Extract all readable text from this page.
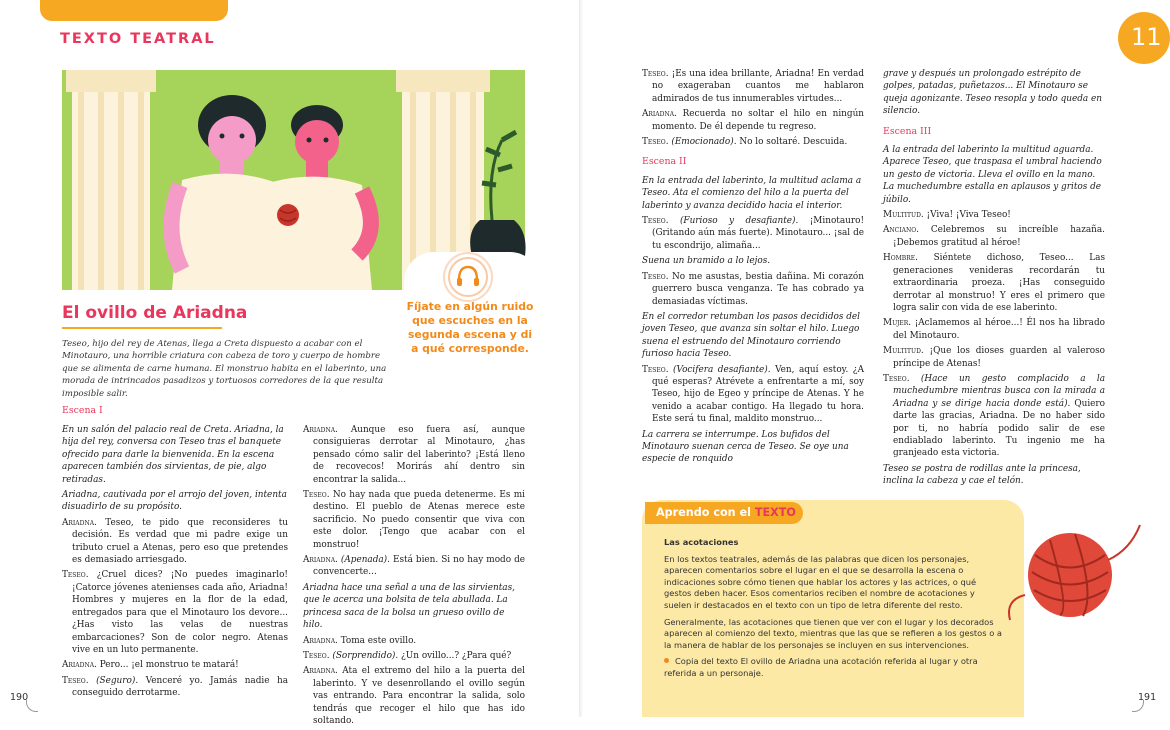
TEXTO TEATRAL
Fíjate en algún ruido que escuches en la segunda escena y di a qué corresponde.
El ovillo de Ariadna
Teseo, hijo del rey de Atenas, llega a Creta dispuesto a acabar con el Minotauro, una horrible criatura con cabeza de toro y cuerpo de hombre que se alimenta de carne humana. El monstruo habita en el laberinto, una morada de intrincados pasadizos y tortuosos corredores de la que resulta imposible salir.
Escena I

En un salón del palacio real de Creta. Ariadna, la hija del rey, conversa con Teseo tras el banquete ofrecido para darle la bienvenida. En la escena aparecen también dos sirvientas, de pie, algo retiradas.

Ariadna, cautivada por el arrojo del joven, intenta disuadirlo de su propósito.

Ariadna. Teseo, te pido que reconsideres tu decisión. Es verdad que mi padre exige un tributo cruel a Atenas, pero eso que pretendes es demasiado arriesgado.

Teseo. ¿Cruel dices? ¡No puedes imaginarlo! ¡Catorce jóvenes atenienses cada año, Ariadna! Hombres y mujeres en la flor de la edad, entregados para que el Minotauro los devore... ¿Has visto las velas de nuestras embarcaciones? Son de color negro. Atenas vive en un luto permanente.

Ariadna. Pero... ¡el monstruo te matará!

Teseo. (Seguro). Venceré yo. Jamás nadie ha conseguido derrotarme.

Ariadna. Aunque eso fuera así, aunque consiguieras derrotar al Minotauro, ¿has pensado cómo salir del laberinto? ¡Está lleno de recovecos! Morirás ahí dentro sin encontrar la salida...

Teseo. No hay nada que pueda detenerme. Es mi destino. El pueblo de Atenas merece este sacrificio. No puedo consentir que viva con este dolor. ¡Tengo que acabar con el monstruo!

Ariadna. (Apenada). Está bien. Si no hay modo de convencerte...

Ariadna hace una señal a una de las sirvientas, que le acerca una bolsita de tela abullada. La princesa saca de la bolsa un grueso ovillo de hilo.

Ariadna. Toma este ovillo.

Teseo. (Sorprendido). ¿Un ovillo...? ¿Para qué?

Ariadna. Ata el extremo del hilo a la puerta del laberinto. Y ve desenrollando el ovillo según vas entrando. Para encontrar la salida, solo tendrás que recoger el hilo que has ido soltando.

190
11

Teseo. ¡Es una idea brillante, Ariadna! En verdad no exageraban cuantos me hablaron admirados de tus innumerables virtudes...

Ariadna. Recuerda no soltar el hilo en ningún momento. De él depende tu regreso.

Teseo. (Emocionado). No lo soltaré. Descuida.

Escena II

En la entrada del laberinto, la multitud aclama a Teseo. Ata el comienzo del hilo a la puerta del laberinto y avanza decidido hacia el interior.

Teseo. (Furioso y desafiante). ¡Minotauro! (Gritando aún más fuerte). Minotauro... ¡sal de tu escondrijo, alimaña...

Suena un bramido a lo lejos.

Teseo. No me asustas, bestia dañina. Mi corazón guerrero busca venganza. Te has cobrado ya demasiadas víctimas.

En el corredor retumban los pasos decididos del joven Teseo, que avanza sin soltar el hilo. Luego suena el estruendo del Minotauro corriendo furioso hacia Teseo.

Teseo. (Vocifera desafiante). Ven, aquí estoy. ¿A qué esperas? Atrévete a enfrentarte a mí, soy Teseo, hijo de Egeo y príncipe de Atenas. Y he venido a acabar contigo. Ha llegado tu hora. Este será tu final, maldito monstruo...

La carrera se interrumpe. Los bufidos del Minotauro suenan cerca de Teseo. Se oye una especie de ronquido

grave y después un prolongado estrépito de golpes, patadas, puñetazos... El Minotauro se queja agonizante. Teseo resopla y todo queda en silencio.

Escena III

A la entrada del laberinto la multitud aguarda. Aparece Teseo, que traspasa el umbral haciendo un gesto de victoria. Lleva el ovillo en la mano. La muchedumbre estalla en aplausos y gritos de júbilo.

Multitud. ¡Viva! ¡Viva Teseo!

Anciano. Celebremos su increíble hazaña. ¡Debemos gratitud al héroe!

Hombre. Siéntete dichoso, Teseo... Las generaciones venideras recordarán tu extraordinaria proeza. ¡Has conseguido derrotar al monstruo! Y eres el primero que logra salir con vida de ese laberinto.

Mujer. ¡Aclamemos al héroe...! Él nos ha librado del Minotauro.

Multitud. ¡Que los dioses guarden al valeroso príncipe de Atenas!

Teseo. (Hace un gesto complacido a la muchedumbre mientras busca con la mirada a Ariadna y se dirige hacia donde está). Quiero darte las gracias, Ariadna. De no haber sido por ti, no habría podido salir de ese endiablado laberinto. Tu ingenio me ha granjeado esta victoria.

Teseo se postra de rodillas ante la princesa, inclina la cabeza y cae el telón.

Aprendo con el TEXTO
Las acotaciones

En los textos teatrales, además de las palabras que dicen los personajes, aparecen comentarios sobre el lugar en el que se desarrolla la escena o indicaciones sobre cómo tienen que hablar los actores y las actrices, o qué gestos deben hacer. Esos comentarios reciben el nombre de acotaciones y suelen ir destacados en el texto con un tipo de letra diferente del resto.

Generalmente, las acotaciones que tienen que ver con el lugar y los decorados aparecen al comienzo del texto, mientras que las que se refieren a los gestos o a la manera de hablar de los personajes se incluyen en sus intervenciones.

Copia del texto El ovillo de Ariadna una acotación referida al lugar y otra referida a un personaje.

191
